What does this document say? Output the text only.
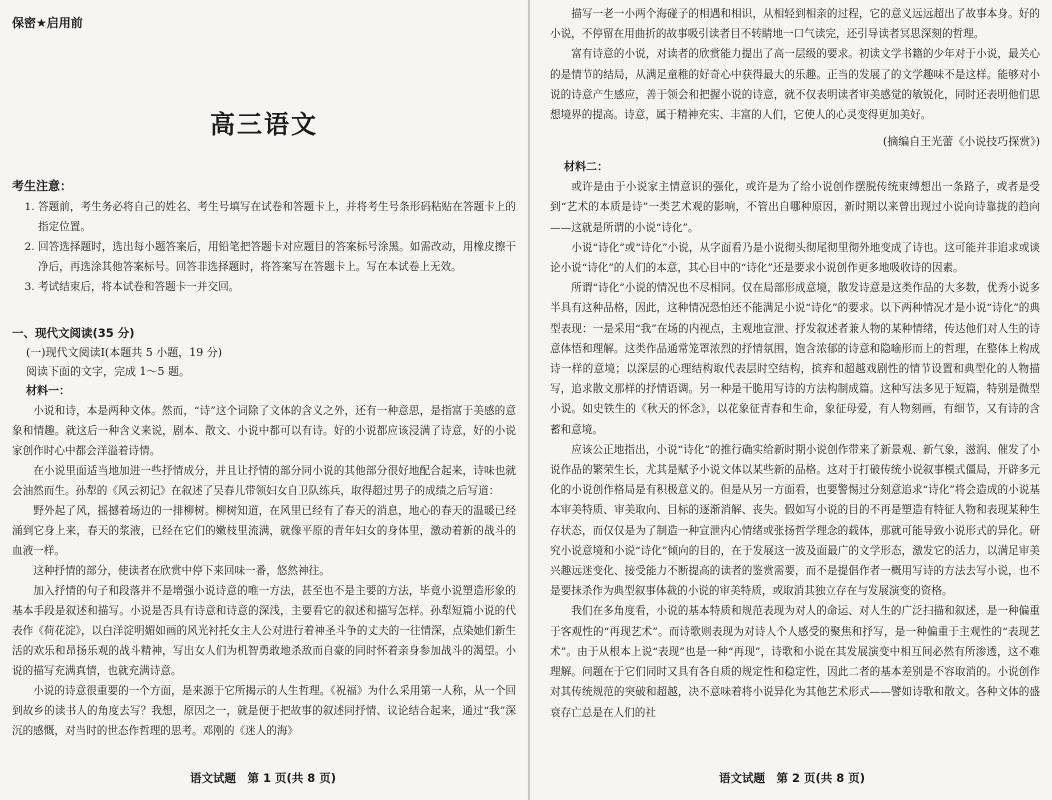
保密★启用前
高三语文
考生注意：
1. 答题前，考生务必将自己的姓名、考生号填写在试卷和答题卡上，并将考生号条形码粘贴在答题卡上的指定位置。
2. 回答选择题时，选出每小题答案后，用铅笔把答题卡对应题目的答案标号涂黑。如需改动，用橡皮擦干净后，再选涂其他答案标号。回答非选择题时，将答案写在答题卡上。写在本试卷上无效。
3. 考试结束后，将本试卷和答题卡一并交回。
一、现代文阅读(35 分)
(一)现代文阅读Ⅰ(本题共 5 小题，19 分)
阅读下面的文字，完成 1～5 题。
材料一：

小说和诗，本是两种文体。然而，“诗”这个词除了文体的含义之外，还有一种意思，是指富于美感的意象和情趣。就这后一种含义来说，剧本、散文、小说中都可以有诗。好的小说都应该浸满了诗意，好的小说家创作时心中都会洋溢着诗情。

在小说里面适当地加进一些抒情成分，并且让抒情的部分同小说的其他部分很好地配合起来，诗味也就会油然而生。孙犁的《风云初记》在叙述了吴春儿带领妇女自卫队练兵，取得超过男子的成绩之后写道：

野外起了风，摇撼着场边的一排柳树。柳树知道，在风里已经有了春天的消息，地心的春天的温暖已经涌到它身上来，春天的浆液，已经在它们的嫩枝里流满，就像平原的青年妇女的身体里，激动着新的战斗的血液一样。

这种抒情的部分，使读者在欣赏中停下来回味一番，悠然神往。

加入抒情的句子和段落并不是增强小说诗意的唯一方法，甚至也不是主要的方法，毕竟小说塑造形象的基本手段是叙述和描写。小说是否具有诗意和诗意的深浅，主要看它的叙述和描写怎样。孙犁短篇小说的代表作《荷花淀》，以白洋淀明媚如画的风光衬托女主人公对进行着神圣斗争的丈夫的一往情深，点染她们新生活的欢乐和昂扬乐观的战斗精神，写出女人们为机智勇敢地杀敌而自豪的同时怀着亲身参加战斗的渴望。小说的描写充满真情，也就充满诗意。

小说的诗意很重要的一个方面，是来源于它所揭示的人生哲理。《祝福》为什么采用第一人称，从一个回到故乡的读书人的角度去写？我想，原因之一，就是便于把故事的叙述同抒情、议论结合起来，通过“我”深沉的感慨，对当时的世态作哲理的思考。邓刚的《迷人的海》

语文试题　第 1 页(共 8 页)

描写一老一小两个海碰子的相遇和相识，从相轻到相亲的过程，它的意义远远超出了故事本身。好的小说，不停留在用曲折的故事吸引读者目不转睛地一口气读完，还引导读者冥思深刻的哲理。

富有诗意的小说，对读者的欣赏能力提出了高一层级的要求。初读文学书籍的少年对于小说，最关心的是情节的结局，从满足童稚的好奇心中获得最大的乐趣。正当的发展了的文学趣味不是这样。能够对小说的诗意产生感应，善于领会和把握小说的诗意，就不仅表明读者审美感觉的敏锐化，同时还表明他们思想境界的提高。诗意，属于精神充实、丰富的人们，它使人的心灵变得更加美好。

(摘编自王光蕾《小说技巧探赏》)
材料二：

或许是由于小说家主情意识的强化，或许是为了给小说创作摆脱传统束缚想出一条路子，或者是受到“艺术的本质是诗”一类艺术观的影响，不管出自哪种原因，新时期以来曾出现过小说向诗靠拢的趋向——这就是所谓的小说“诗化”。

小说“诗化”或“诗化”小说，从字面看乃是小说彻头彻尾彻里彻外地变成了诗也。这可能并非追求或谈论小说“诗化”的人们的本意，其心目中的“诗化”还是要求小说创作更多地吸收诗的因素。

所谓“诗化”小说的情况也不尽相同。仅在局部形成意境，散发诗意是这类作品的大多数，优秀小说多半具有这种品格，因此，这种情况恐怕还不能满足小说“诗化”的要求。以下两种情况才是小说“诗化”的典型表现：一是采用“我”在场的内视点，主观地宣泄、抒发叙述者兼人物的某种情绪，传达他们对人生的诗意体悟和理解。这类作品通常笼罩浓烈的抒情氛围，饱含浓郁的诗意和隐喻形而上的哲理，在整体上构成诗一样的意境；以深层的心理结构取代表层时空结构，摈弃和超越戏剧性的情节设置和典型化的人物描写，追求散文那样的抒情语调。另一种是干脆用写诗的方法构制成篇。这种写法多见于短篇，特别是微型小说。如史铁生的《秋天的怀念》，以花象征青春和生命，象征母爱，有人物刻画，有细节，又有诗的含蓄和意境。

应该公正地指出，小说“诗化”的推行确实给新时期小说创作带来了新景观、新气象，滋润、催发了小说作品的繁荣生长，尤其是赋予小说文体以某些新的品格。这对于打破传统小说叙事模式僵局，开辟多元化的小说创作格局是有积极意义的。但是从另一方面看，也要警惕过分刻意追求“诗化”将会造成的小说基本审美特质、审美取向、目标的逐渐消解、丧失。假如写小说的目的不再是塑造有特征人物和表现某种生存状态，而仅仅是为了制造一种宣泄内心情绪或张扬哲学理念的载体，那就可能导致小说形式的异化。研究小说意境和小说“诗化”倾向的目的，在于发展这一波及面最广的文学形态，激发它的活力，以满足审美兴趣远迷变化、接受能力不断提高的读者的鉴赏需要，而不是提倡作者一概用写诗的方法去写小说，也不是要抹杀作为典型叙事体裁的小说的审美特质，或取消其独立存在与发展演变的资格。

我们在多角度看，小说的基本特质和规范表现为对人的命运、对人生的广泛扫描和叙述，是一种偏重于客观性的“再现艺术”。而诗歌则表现为对诗人个人感受的聚焦和抒写，是一种偏重于主观性的“表现艺术”。由于从根本上说“表现”也是一种“再现”，诗歌和小说在其发展演变中相互间必然有所渗透，这不难理解。问题在于它们同时又具有各自质的规定性和稳定性，因此二者的基本差别是不容取消的。小说创作对其传统规范的突破和超越，决不意味着将小说异化为其他艺术形式——譬如诗歌和散文。各种文体的盛衰存亡总是在人们的社

语文试题　第 2 页(共 8 页)
